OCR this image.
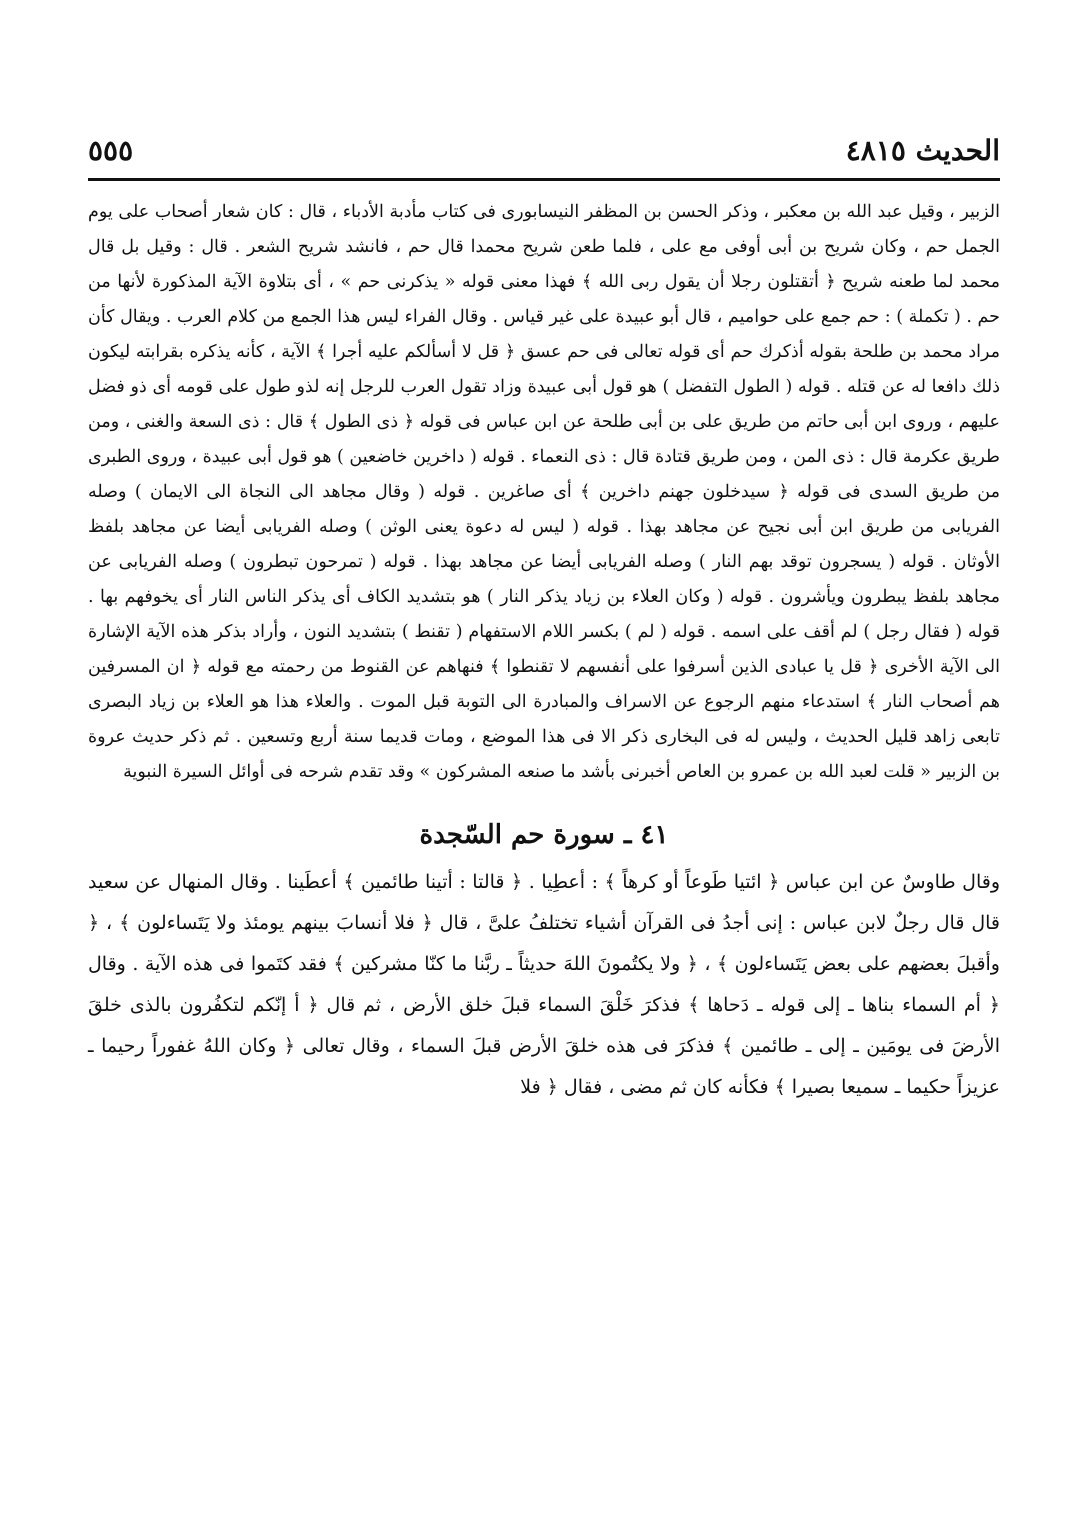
٥٥٥	الحديث ٤٨١٥

الزبير ، وقيل عبد الله بن معكبر ، وذكر الحسن بن المظفر النيسابورى فى كتاب مأدبة الأدباء ، قال : كان شعار أصحاب على يوم الجمل حم ، وكان شريح بن أبى أوفى مع على ، فلما طعن شريح محمدا قال حم ، فانشد شريح الشعر . قال : وقيل بل قال محمد لما طعنه شريح ﴿ أتقتلون رجلا أن يقول ربى الله ﴾ فهذا معنى قوله « يذكرنى حم » ، أى بتلاوة الآية المذكورة لأنها من حم . ( تكملة ) : حم جمع على حواميم ، قال أبو عبيدة على غير قياس . وقال الفراء ليس هذا الجمع من كلام العرب . ويقال كأن مراد محمد بن طلحة بقوله أذكرك حم أى قوله تعالى فى حم عسق ﴿ قل لا أسألكم عليه أجرا ﴾ الآية ، كأنه يذكره بقرابته ليكون ذلك دافعا له عن قتله . قوله ( الطول التفضل ) هو قول أبى عبيدة وزاد تقول العرب للرجل إنه لذو طول على قومه أى ذو فضل عليهم ، وروى ابن أبى حاتم من طريق على بن أبى طلحة عن ابن عباس فى قوله ﴿ ذى الطول ﴾ قال : ذى السعة والغنى ، ومن طريق عكرمة قال : ذى المن ، ومن طريق قتادة قال : ذى النعماء . قوله ( داخرين خاضعين ) هو قول أبى عبيدة ، وروى الطبرى من طريق السدى فى قوله ﴿ سيدخلون جهنم داخرين ﴾ أى صاغرين . قوله ( وقال مجاهد الى النجاة الى الايمان ) وصله الفريابى من طريق ابن أبى نجيح عن مجاهد بهذا . قوله ( ليس له دعوة يعنى الوثن ) وصله الفريابى أيضا عن مجاهد بلفظ الأوثان . قوله ( يسجرون توقد بهم النار ) وصله الفريابى أيضا عن مجاهد بهذا . قوله ( تمرحون تبطرون ) وصله الفريابى عن مجاهد بلفظ يبطرون ويأشرون . قوله ( وكان العلاء بن زياد يذكر النار ) هو بتشديد الكاف أى يذكر الناس النار أى يخوفهم بها . قوله ( فقال رجل ) لم أقف على اسمه . قوله ( لم ) بكسر اللام الاستفهام ( تقنط ) بتشديد النون ، وأراد بذكر هذه الآية الإشارة الى الآية الأخرى ﴿ قل يا عبادى الذين أسرفوا على أنفسهم لا تقنطوا ﴾ فنهاهم عن القنوط من رحمته مع قوله ﴿ ان المسرفين هم أصحاب النار ﴾ استدعاء منهم الرجوع عن الاسراف والمبادرة الى التوبة قبل الموت . والعلاء هذا هو العلاء بن زياد البصرى تابعى زاهد قليل الحديث ، وليس له فى البخارى ذكر الا فى هذا الموضع ، ومات قديما سنة أربع وتسعين . ثم ذكر حديث عروة بن الزبير « قلت لعبد الله بن عمرو بن العاص أخبرنى بأشد ما صنعه المشركون » وقد تقدم شرحه فى أوائل السيرة النبوية

٤١ ـ سورة حم السّجدة

وقال طاوسٌ عن ابن عباس ﴿ ائتيا طَوعاً أو كرهاً ﴾ : أعطِيا . ﴿ قالتا : أتينا طائمين ﴾ أعطَينا . وقال المنهال عن سعيد قال قال رجلٌ لابن عباس : إنى أجدُ فى القرآن أشياء تختلفُ علىَّ ، قال ﴿ فلا أنسابَ بينهم يومئذ ولا يَتَساءلون ﴾ ، ﴿ وأقبلَ بعضهم على بعض يَتَساءلون ﴾ ، ﴿ ولا يكتُمونَ اللهَ حديثاً ـ ربَّنا ما كنّا مشركين ﴾ فقد كتَموا فى هذه الآية . وقال ﴿ أم السماء بناها ـ إلى قوله ـ دَحاها ﴾ فذكرَ خَلْقَ السماء قبلَ خلق الأرض ، ثم قال ﴿ أ إنّكم لتكفُرون بالذى خلقَ الأرضَ فى يومَين ـ إلى ـ طائمين ﴾ فذكرَ فى هذه خلقَ الأرض قبلَ السماء ، وقال تعالى ﴿ وكان اللهُ غفوراً رحيما ـ عزيزاً حكيما ـ سميعا بصيرا ﴾ فكأنه كان ثم مضى ، فقال ﴿ فلا
